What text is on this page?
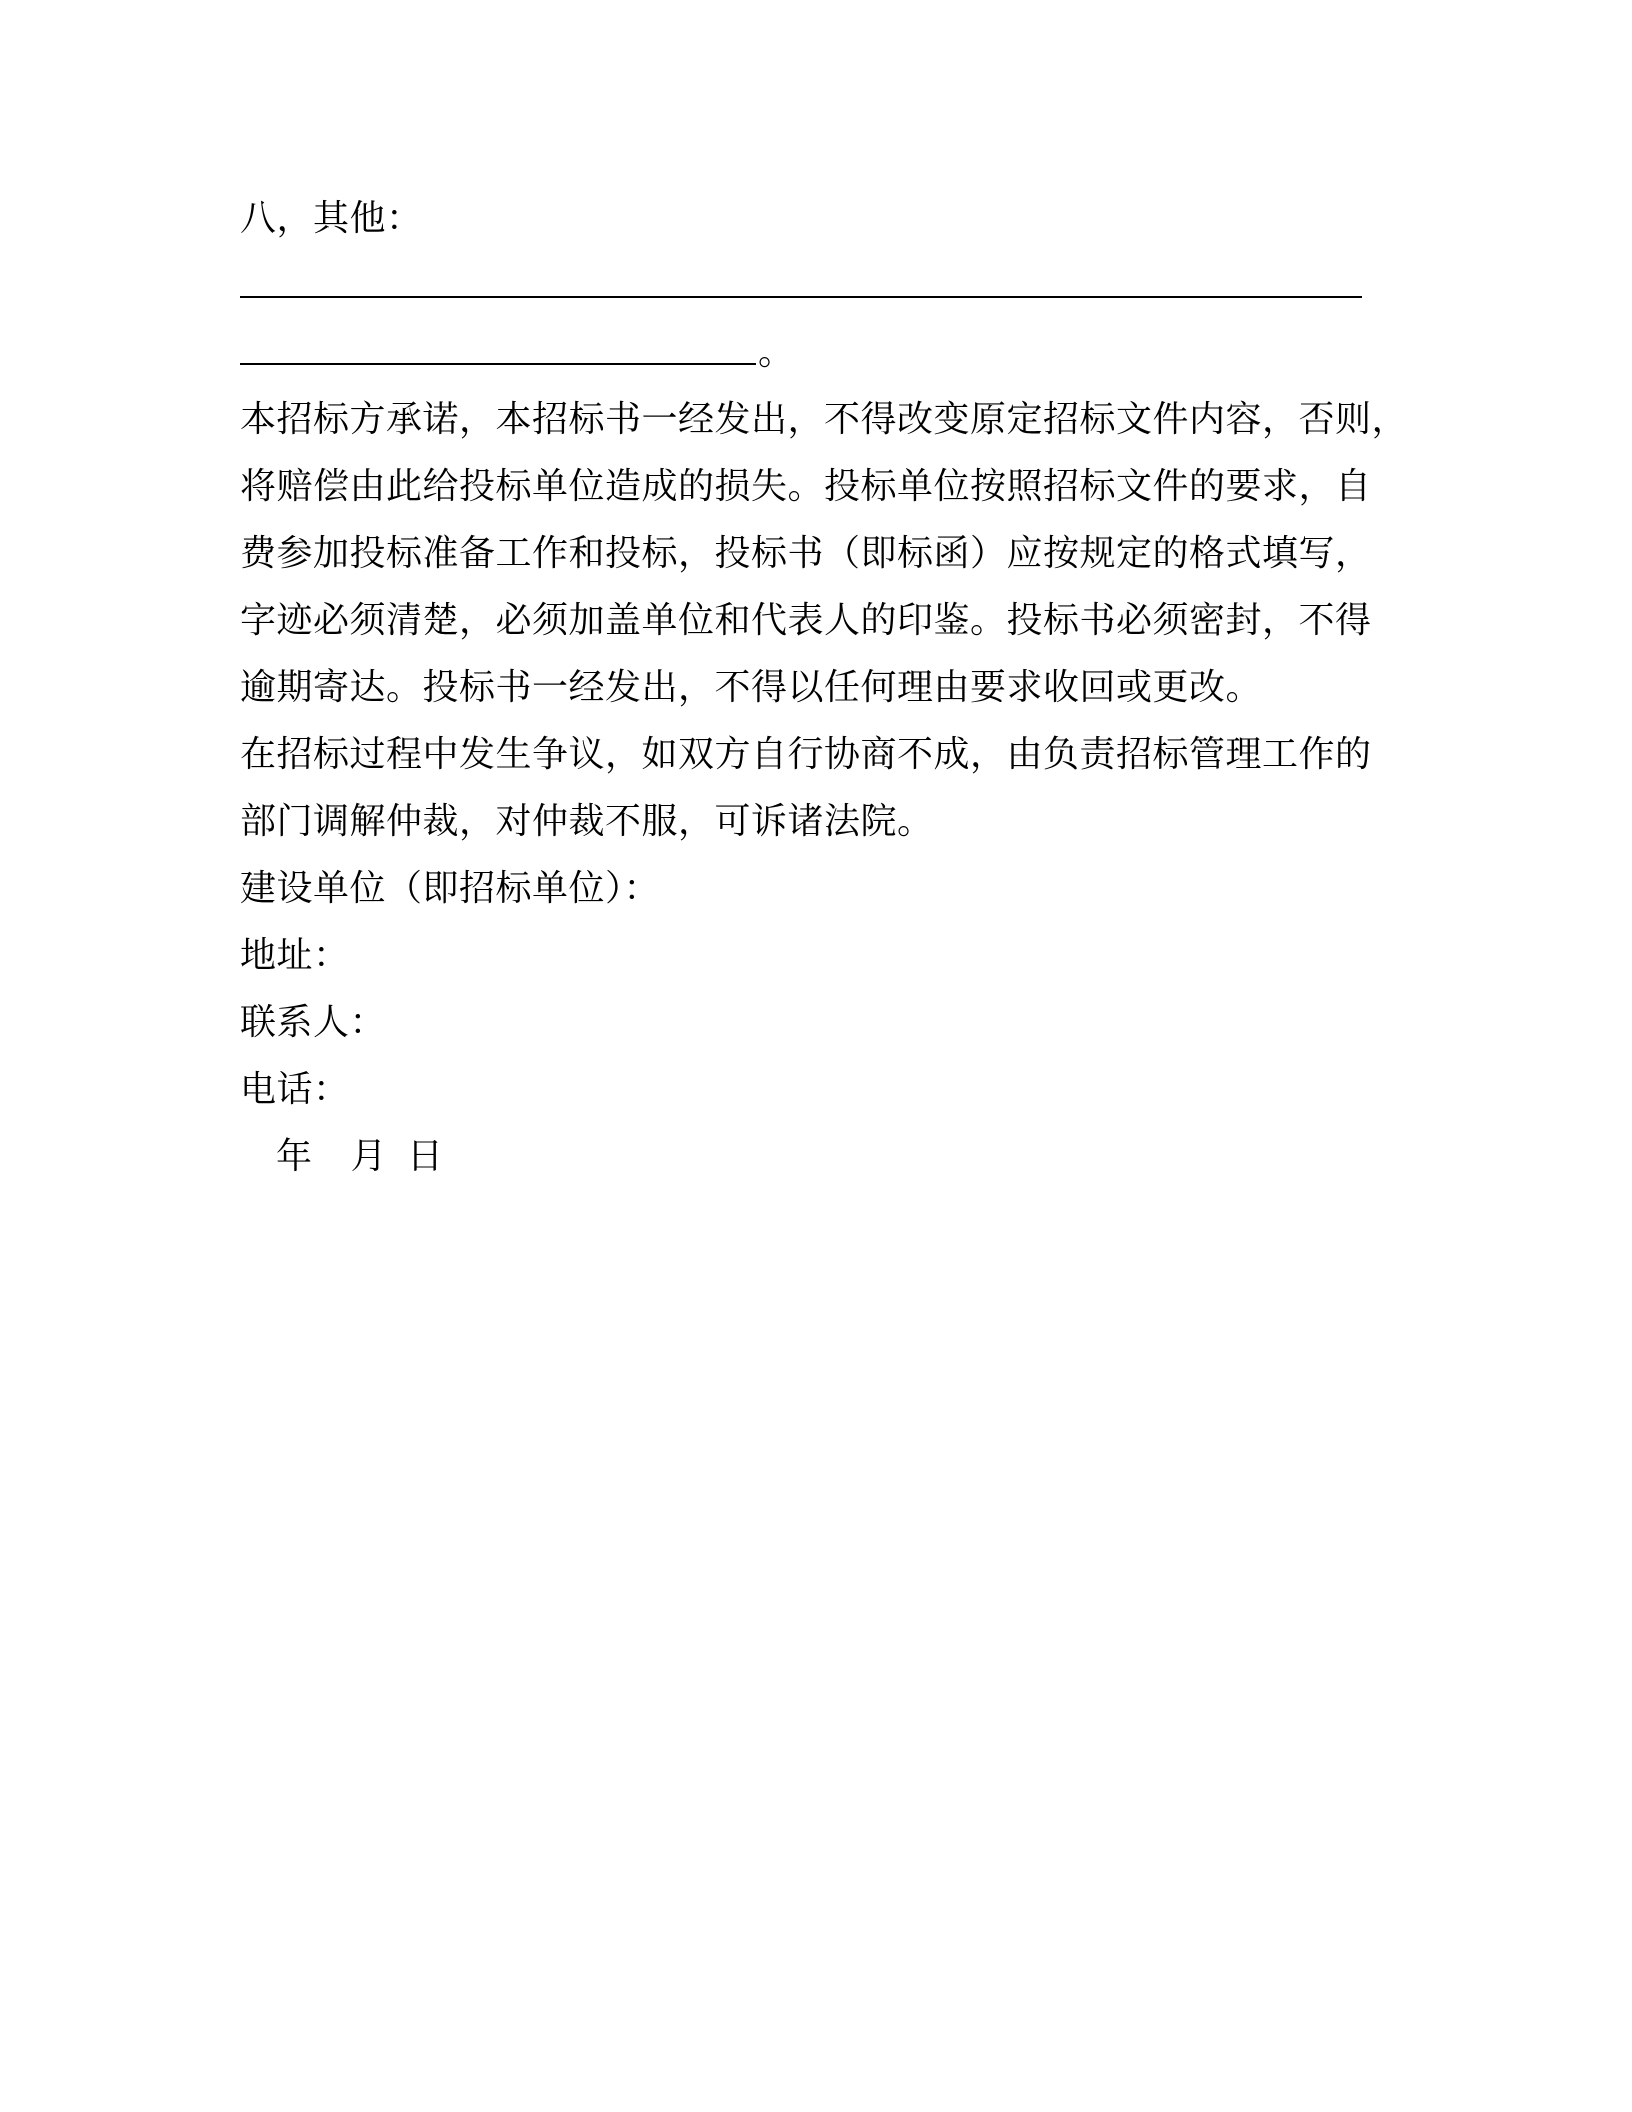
八，其他：
。
本招标方承诺，本招标书一经发出，不得改变原定招标文件内容，否则，
将赔偿由此给投标单位造成的损失。投标单位按照招标文件的要求，自
费参加投标准备工作和投标，投标书（即标函）应按规定的格式填写，
字迹必须清楚，必须加盖单位和代表人的印鉴。投标书必须密封，不得
逾期寄达。投标书一经发出，不得以任何理由要求收回或更改。
在招标过程中发生争议，如双方自行协商不成，由负责招标管理工作的
部门调解仲裁，对仲裁不服，可诉诸法院。
建设单位（即招标单位）：
地址：
联系人：
电话：
年 月 日
